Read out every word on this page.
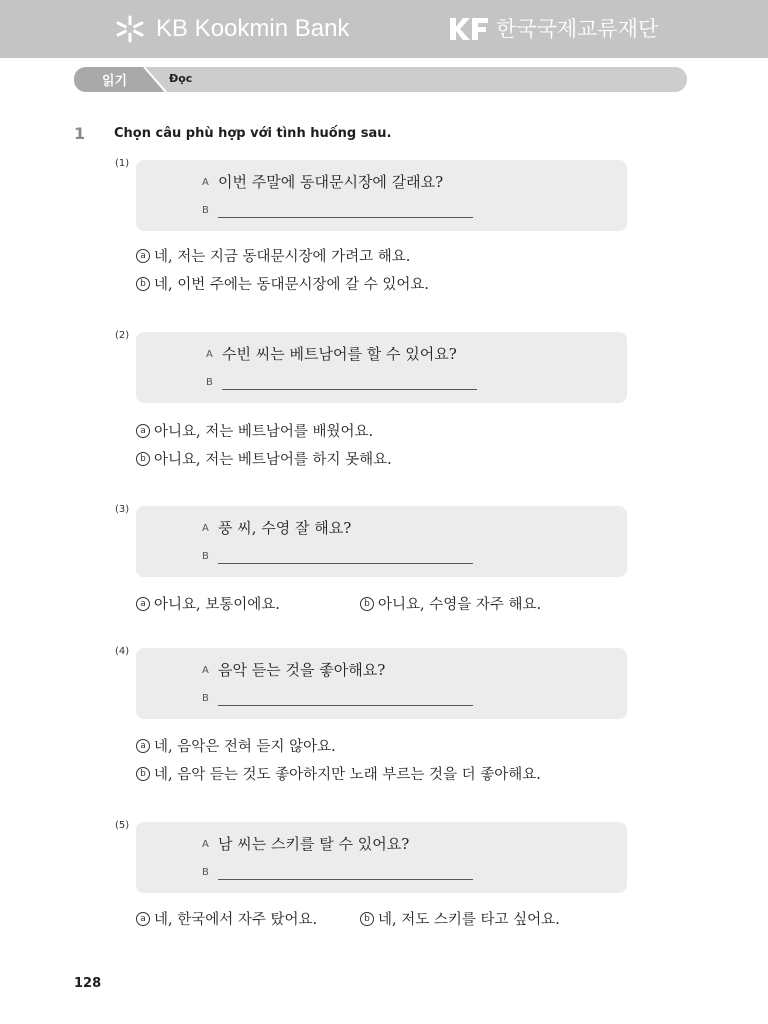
KB Kookmin Bank	한국국제교류재단
읽기	Đọc
1 Chọn câu phù hợp với tình huống sau.
(1)
A 이번 주말에 동대문시장에 갈래요?
B
a 네, 저는 지금 동대문시장에 가려고 해요.
b 네, 이번 주에는 동대문시장에 갈 수 있어요.
(2)
A 수빈 씨는 베트남어를 할 수 있어요?
B
a 아니요, 저는 베트남어를 배웠어요.
b 아니요, 저는 베트남어를 하지 못해요.
(3)
A 풍 씨, 수영 잘 해요?
B
a 아니요, 보통이에요.	b 아니요, 수영을 자주 해요.
(4)
A 음악 듣는 것을 좋아해요?
B
a 네, 음악은 전혀 듣지 않아요.
b 네, 음악 듣는 것도 좋아하지만 노래 부르는 것을 더 좋아해요.
(5)
A 남 씨는 스키를 탈 수 있어요?
B
a 네, 한국에서 자주 탔어요.	b 네, 저도 스키를 타고 싶어요.
128
